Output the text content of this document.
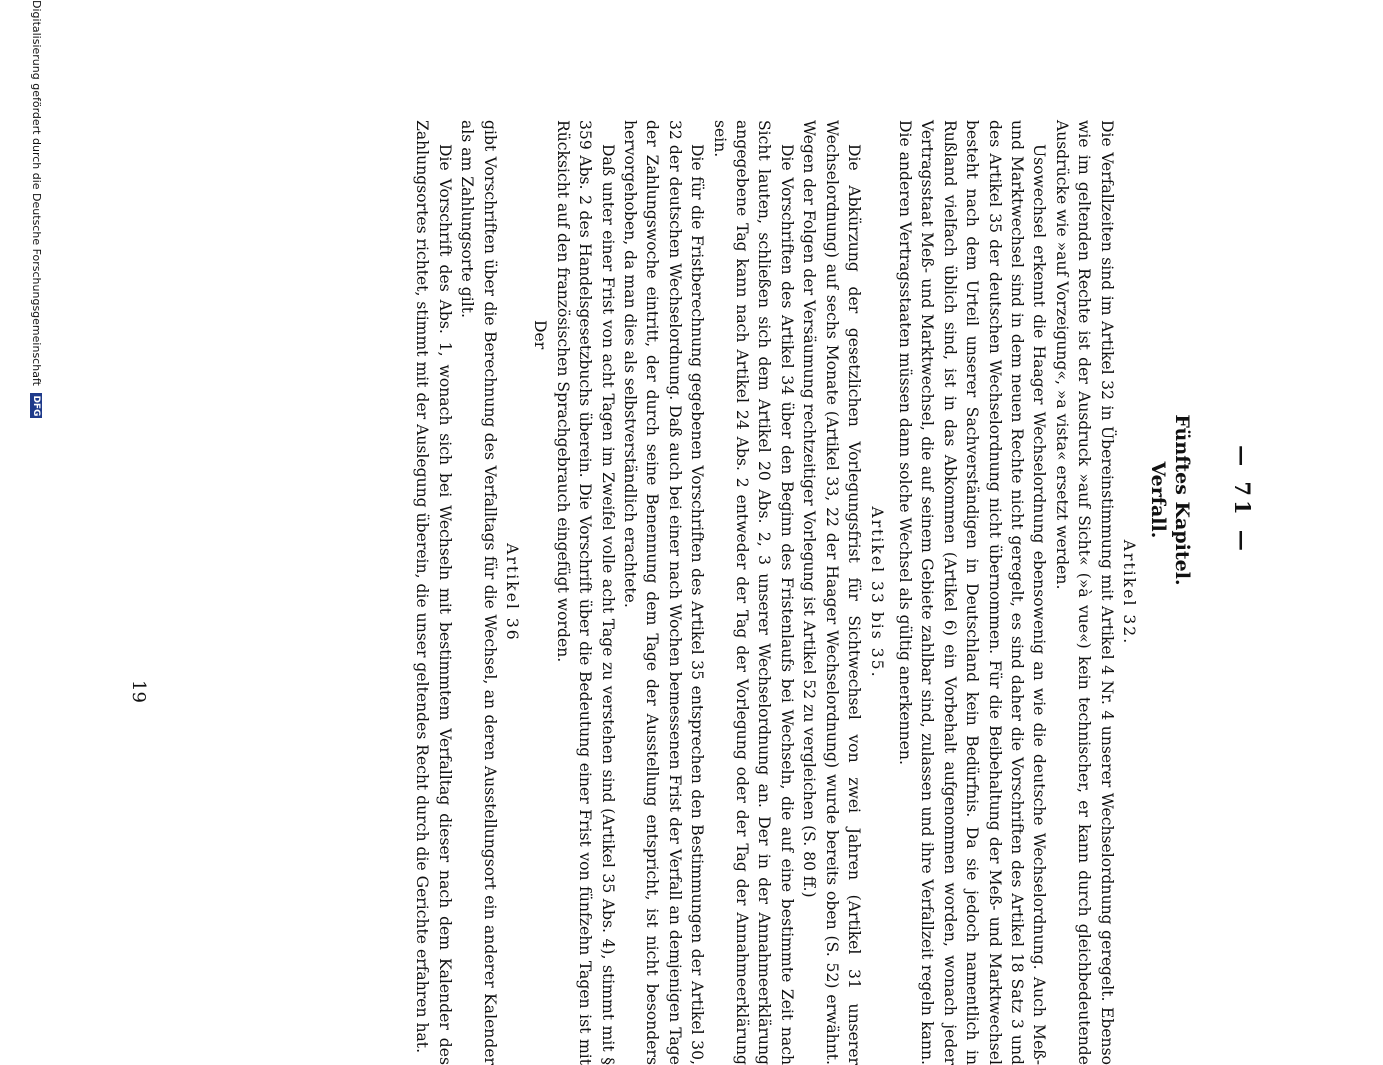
— 71 —
Fünftes Kapitel.
Verfall.

Artikel 32.

Die Verfallzeiten sind im Artikel 32 in Übereinstimmung mit Artikel 4 Nr. 4 unserer Wechselordnung geregelt. Ebenso wie im geltenden Rechte ist der Ausdruck »auf Sicht« (»à vue«) kein technischer, er kann durch gleichbedeutende Ausdrücke wie »auf Vorzeigung«, »a vista« ersetzt werden.

Usowechsel erkennt die Haager Wechselordnung ebensowenig an wie die deutsche Wechselordnung. Auch Meß- und Marktwechsel sind in dem neuen Rechte nicht geregelt, es sind daher die Vorschriften des Artikel 18 Satz 3 und des Artikel 35 der deutschen Wechselordnung nicht übernommen. Für die Beibehaltung der Meß- und Marktwechsel besteht nach dem Urteil unserer Sachverständigen in Deutschland kein Bedürfnis. Da sie jedoch namentlich in Rußland vielfach üblich sind, ist in das Abkommen (Artikel 6) ein Vorbehalt aufgenommen worden, wonach jeder Vertragsstaat Meß- und Marktwechsel, die auf seinem Gebiete zahlbar sind, zulassen und ihre Verfallzeit regeln kann. Die anderen Vertragsstaaten müssen dann solche Wechsel als gültig anerkennen.

Artikel 33 bis 35.

Die Abkürzung der gesetzlichen Vorlegungsfrist für Sichtwechsel von zwei Jahren (Artikel 31 unserer Wechselordnung) auf sechs Monate (Artikel 33, 22 der Haager Wechselordnung) wurde bereits oben (S. 52) erwähnt. Wegen der Folgen der Versäumung rechtzeitiger Vorlegung ist Artikel 52 zu vergleichen (S. 80 ff.)

Die Vorschriften des Artikel 34 über den Beginn des Fristenlaufs bei Wechseln, die auf eine bestimmte Zeit nach Sicht lauten, schließen sich dem Artikel 20 Abs. 2, 3 unserer Wechselordnung an. Der in der Annahmeerklärung angegebene Tag kann nach Artikel 24 Abs. 2 entweder der Tag der Vorlegung oder der Tag der Annahmeerklärung sein.

Die für die Fristberechnung gegebenen Vorschriften des Artikel 35 entsprechen den Bestimmungen der Artikel 30, 32 der deutschen Wechselordnung. Daß auch bei einer nach Wochen bemessenen Frist der Verfall an demjenigen Tage der Zahlungswoche eintritt, der durch seine Benennung dem Tage der Ausstellung entspricht, ist nicht besonders hervorgehoben, da man dies als selbstverständlich erachtete.

Daß unter einer Frist von acht Tagen im Zweifel volle acht Tage zu verstehen sind (Artikel 35 Abs. 4), stimmt mit § 359 Abs. 2 des Handelsgesetzbuchs überein. Die Vorschrift über die Bedeutung einer Frist von fünfzehn Tagen ist mit Rücksicht auf den französischen Sprachgebrauch eingefügt worden.

Der

Artikel 36

gibt Vorschriften über die Berechnung des Verfalltags für die Wechsel, an deren Ausstellungsort ein anderer Kalender als am Zahlungsorte gilt.

Die Vorschrift des Abs. 1, wonach sich bei Wechseln mit bestimmtem Verfalltag dieser nach dem Kalender des Zahlungsortes richtet, stimmt mit der Auslegung überein, die unser geltendes Recht durch die Gerichte erfahren hat.

19
Digitalisierung gefördert durch die Deutsche Forschungsgemeinschaft DFG
